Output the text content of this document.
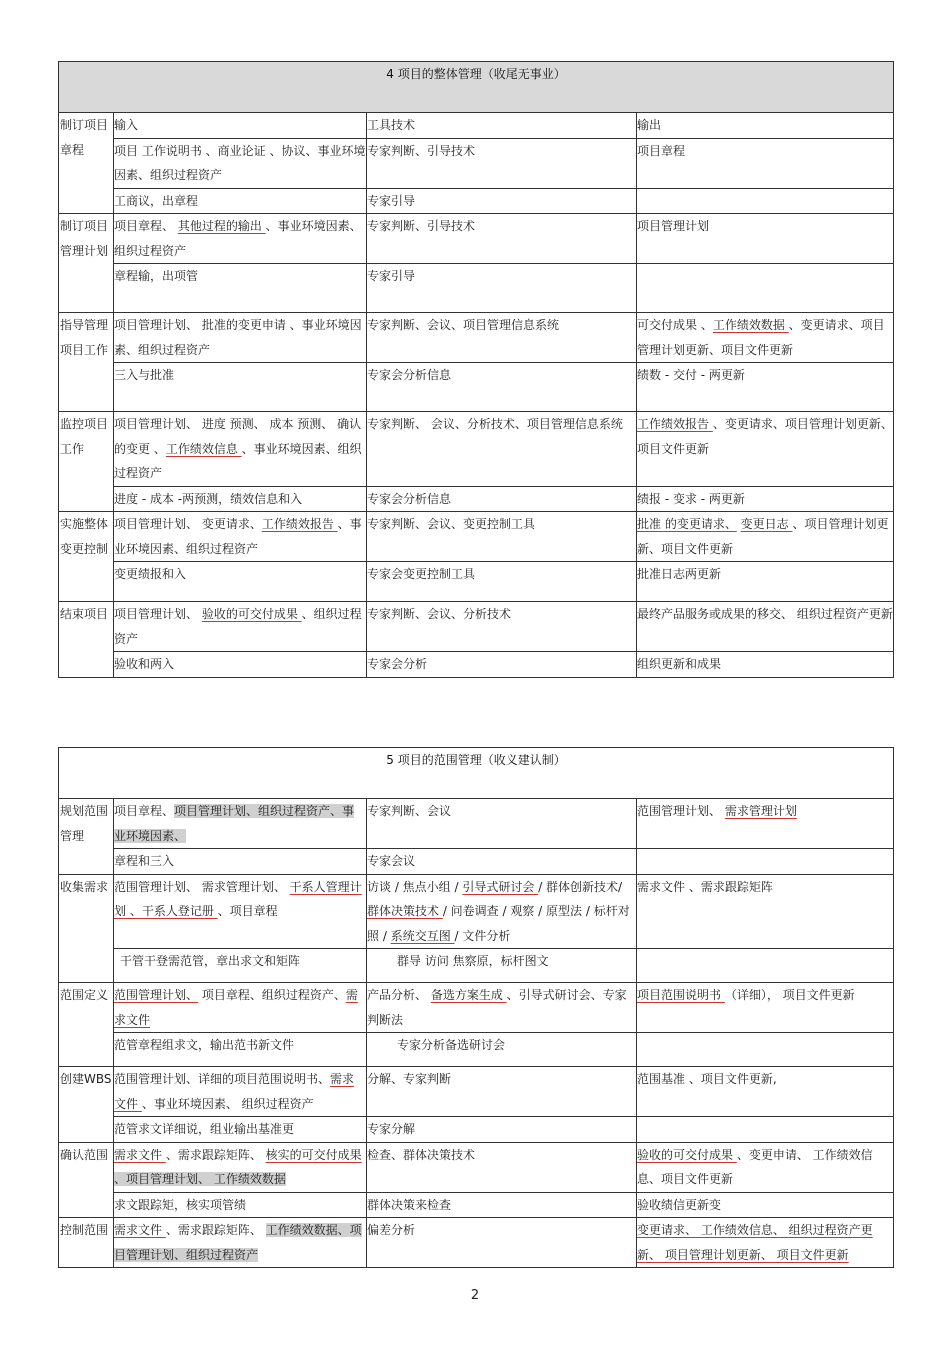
4 项目的整体管理（收尾无事业）			
制订项目章程	输入	工具技术	输出
	项目 工作说明书 、商业论证 、协议、事业环境因素、组织过程资产	专家判断、引导技术	项目章程
	工商议，出章程	专家引导	
制订项目管理计划	项目章程、 其他过程的输出 、事业环境因素、组织过程资产	专家判断、引导技术	项目管理计划
	章程输，出项管	专家引导	
指导管理项目工作	项目管理计划、 批准的变更申请 、事业环境因素、组织过程资产	专家判断、会议、项目管理信息系统	可交付成果 、工作绩效数据 、变更请求、项目管理计划更新、项目文件更新
	三入与批准	专家会分析信息	绩数 - 交付 - 两更新
监控项目工作	项目管理计划、 进度 预测、 成本 预测、 确认的变更 、工作绩效信息 、事业环境因素、组织过程资产	专家判断、 会议、分析技术、项目管理信息系统	工作绩效报告 、变更请求、项目管理计划更新、项目文件更新
	进度 - 成本 -两预测，绩效信息和入	专家会分析信息	绩报 - 变求 - 两更新
实施整体变更控制	项目管理计划、 变更请求、工作绩效报告 、事业环境因素、组织过程资产	专家判断、会议、变更控制工具	批准 的变更请求、 变更日志 、项目管理计划更新、项目文件更新
	变更绩报和入	专家会变更控制工具	批准日志两更新
结束项目	项目管理计划、 验收的可交付成果 、组织过程资产	专家判断、会议、分析技术	最终产品服务或成果的移交、 组织过程资产更新
	验收和两入	专家会分析	组织更新和成果
5 项目的范围管理（收义建认制）			
规划范围管理	项目章程、项目管理计划、组织过程资产、事业环境因素、	专家判断、会议	范围管理计划、 需求管理计划
	章程和三入	专家会议	
收集需求	范围管理计划、 需求管理计划、 干系人管理计划 、干系人登记册 、项目章程	访谈 / 焦点小组 / 引导式研讨会 / 群体创新技术/ 群体决策技术 / 问卷调查 / 观察 / 原型法 / 标杆对照 / 系统交互图 / 文件分析	需求文件 、需求跟踪矩阵
	干管干登需范管，章出求文和矩阵	群导 访问 焦察原，标杆图文	
范围定义	范围管理计划、 项目章程、组织过程资产、需求文件	产品分析、 备选方案生成 、引导式研讨会、专家判断法	项目范围说明书 （详细）， 项目文件更新
	范管章程组求文，输出范书新文件	专家分析备选研讨会	
创建WBS	范围管理计划、详细的项目范围说明书、需求文件 、事业环境因素、 组织过程资产	分解、专家判断	范围基准 、项目文件更新,
	范管求文详细说，组业输出基准更	专家分解	
确认范围	需求文件 、需求跟踪矩阵、 核实的可交付成果 、项目管理计划、 工作绩效数据	检查、群体决策技术	验收的可交付成果 、变更申请、 工作绩效信息、项目文件更新
	求文跟踪矩，核实项管绩	群体决策来检查	验收绩信更新变
控制范围	需求文件 、需求跟踪矩阵、 工作绩效数据、项目管理计划、组织过程资产	偏差分析	变更请求、 工作绩效信息、 组织过程资产更新、 项目管理计划更新、 项目文件更新
2
